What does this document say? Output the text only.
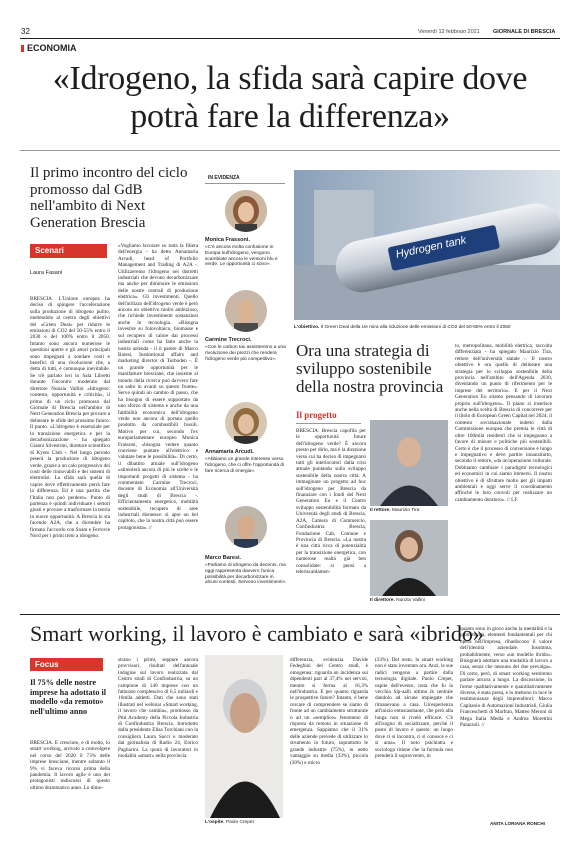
32	Venerdì 12 febbraio 2021 GIORNALE DI BRESCIA
ECONOMIA
«Idrogeno, la sfida sarà capire dove potrà fare la differenza»
Il primo incontro del ciclo promosso dal GdB nell'ambito di Next Generation Brescia
Scenari
Laura Fasani
BRESCIA. L'Unione europea ha deciso di spingere l'accelerazione sulla produzione di idrogeno pulito, mettendolo al centro degli obiettivi del «Green Deal» per ridurre le emissioni di CO2 del 50-55% entro il 2030 e del 100% entro il 2050. Intanto sono ancora numerose le questioni aperte e gli attori principali sono impegnati a sondare costi e benefici di una rivoluzione che, a detta di tutti, è comunque inevitabile. Se n'è parlato ieri in Sala Libretti durante l'incontro moderato dal direttore Nunzia Vallini «Idrogeno: contesto, opportunità e criticità», il primo di un ciclo promosso dal Giornale di Brescia nell'ambito di Next Generation Brescia per provare a delineare le sfide del prossimo futuro. Il punto. «L'idrogeno è essenziale per la transizione energetica e per la decarbonizzazione - ha spiegato Gianni Silvestrini, direttore scientifico di Kyoto Club -. Nel lungo periodo peserà la produzione di idrogeno verde, grazie a un calo progressivo dei costi delle rinnovabili e dei sistemi di elettrolisi. La sfida sarà quella di capire dove effettivamente potrà fare la differenza. Ed è una partita che l'Italia non può perdere». Punto di partenza è quindi individuare i settori giusti e provare a trasformare la teoria in nuove opportunità. A Brescia lo sta facendo A2A, che a dicembre ha firmato l'accordo con Snam e Ferrovie Nord per i primi treni a idrogeno.
«Vogliamo lavorare su tutta la filiera dell'energia - ha detto Annamaria Arcudi, head of Portfolio Management and Trading di A2A -. Utilizzeremo l'idrogeno nei distretti industriali che devono decarbonizzare ma anche per diminuire le emissioni delle nostre centrali di produzione elettrica». Gli investimenti. Quello dell'utilizzo dell'idrogeno verde è però ancora un obiettivo molto ambizioso, che richiede investimenti sostanziosi anche in tecnologia. «Bisogna investire su fotovoltaico, biomasse e sul recupero di calore dai processi industriali come ha fatto anche la nostra azienda - il il parere di Marco Baresi, Institutional affairs and marketing director di Turboden -. È un grande opportunità per le manifatture bresciane, che insieme al mondo della ricerca può davvero fare un salto in avanti su questo fronte». Serve quindi un cambio di passo, che ha bisogno di essere supportato da uno sforzo di sistema e anche da una fattibilità economica dell'idrogeno verde non ancora di portata quello prodotto da combustibili fossili. Motivo per cui, secondo l'ex europarlamentare europeo Monica Frassoni, «bisogna vedere quanto conviene puntare all'elettrico e valutare bene le possibilità». Di certo, il dibattito attuale sull'idrogeno «stimolerà ancora di più le scelte e le importanti progetti di sistema - ha commentato Carmine Trecroci, docente di Economia all'Università degli studi di Brescia -. Efficientamento energetico, mobilità sostenibile, recupero di aree industriali dismesse: si apre un bel capitolo, che la nostra città può essere protagonista». //
IN EVIDENZA
Monica Frassoni.
«C'è ancora molta confusione in Europa sull'idrogeno, vengono scambiate ancora le versioni blu e verde. Le opportunità ci sono».
Carmine Trecroci.
«Con le carbon tax assisteremo a una rivoluzione dei prezzi che renderà l'idrogeno verde più competitivo».
Annamaria Arcudi.
«Abbiamo un grande interesse verso l'idrogeno, che ci offre l'opportunità di fare ricerca di energia».
Marco Baresi.
«Parliamo di idrogeno da decenni, ma oggi rappresenta davvero l'unica possibilità per decarbonizzare in alcuni contesti. Servono investimenti».
Hydrogen tank
L'obiettivo. Il Green Deal della Ue mira alla riduzione delle emissioni di CO2 del 50-55% entro il 2050
Ora una strategia di sviluppo sostenibile della nostra provincia
Il progetto
BRESCIA. Brescia capofila per le opportunità future dell'idrogeno verde? È ancora presto per dirlo, ma è la direzione verso cui ha deciso di impegnarsi tutti gli interlocutori dalla crisi attuale puntando sullo sviluppo sostenibile della nostra città. A immaginare un progetto ad hoc sull'idrogeno per Brescia da finanziare con i fondi del Next Generation Eu e il Contro sviluppo sostenibilità formato da Università degli studi di Brescia, A2A, Camera di Commercio, Confindustria Brescia, Fondazione Cab, Comune e Provincia di Brescia. «La nostra è una città ricca di potenzialità per la transizione energetica, con numerose realtà già ben consolidate: si pensi a teleriscaldamen-
Il rettore. Maurizio Tira
Il direttore. Nunzia Vallini
to, metropolitana, mobilità elettrica, raccolta differenziata - ha spiegato Maurizio Tira, rettore dell'università statale -. Il nostro obiettivo è ora quello di delineare una strategia per lo sviluppo sostenibile della provincia nell'ambito dell'Agenda 2030, diventando un punto di riferimento per le imprese del territorio». E per il Next Generation Eu stiamo pensando di lavorare proprio sull'idrogeno». Il piano si inserisce anche nella scelta di Brescia di concorrere per il titolo di European Green Capital nel 2024, il contesto sovranazionale indetto dalla Commissione europea che premia le città di oltre 100mila residenti che si impegnano a favore di misure e politiche più sostenibili. Certo è che il processo di conversione è lungo e impegnativo e deve partire innanzitutto, secondo il rettore, «da un'operazione culturale. Dobbiamo cambiare i paradigmi tecnologici ed economici in cui siamo immersi. Il nostro obiettivo è di sfruttare molto per gli impatti ambientali e oggi serve il coordinamento affinché le loro convoli per realizzare un cambiamento duraturo». // LF.
Smart working, il lavoro è cambiato e sarà «ibrido»
Focus
Il 75% delle nostre imprese ha adottato il modello «da remoto» nell'ultimo anno
BRESCIA. È cresciuto, e di molto, lo smart working, arrivato a coinvolgere nel corso del 2020 il 73% delle imprese bresciane, mentre soltanto il 9% vi faceva ricorso prima della pandemia. Il lavoro agile è uno dei protagonisti indiscussi di questo ultimo drammatico anno. Lo dimo-
strano i primi, seppure ancora provvisori, risultati dell'annuale indagine sul lavoro realizzata dal Centro studi di Confindustria, su un campione di 140 imprese con un fatturato complessivo di 6,5 miliardi e 16mila addetti. Dati che sono stati illustrati nel webinar «Smart working, il lavoro che cambia», promosso da Pmi Academy della Piccola Industria di Confindustria Brescia. Introdotto dalla presidente Elisa Torchiani con la consigliera Laura Sacci e moderato dal giornalista di Radio 24, Enrico Pagliarini. La quota di lavoratori in modalità «smart» nella provincia
L'ospite. Paolo Crepet
differenzia, evidenzia Davide Fedeghini del Centro studi, è omogenea: riguarda un incidenza sui dipendenti pari al 37,4% nei servizi, mentre si ferma al 16,3% nell'industria. E per quanto riguarda le prospettive future? Intanto, è bene cercare di comprendere se siamo di fronte ad un cambiamento strutturale o ad un «semplice» fenomeno di risposta da remoto in situazione di emergenza. Sappiamo che il 31% delle aziende prevede di utilizzare lo strumento in futuro, soprattutto le grande industrie (75%), in netto vantaggio su media (33%), piccola (30%) e micro
(33%). Del resto, lo smart working non è stato inventato ora. Anzi, le sue radici vengono a partire dalla tecnologia digitale. Paolo Crepet, ospite dell'evento, nota che fu la vecchia Sip-aalli ultimo ik centrale dandolo ad alcune impiegate che rimanevano a casa. Un'esperienza all'inizio entusiasmante, che però alla lunga non si rivelò efficace. C'è all'isogno di socializzare, perché il posto di lavoro è questo: un luogo dove ci si incontra, ci si conosce e ci si ama». Il noto psichiatra e sociologo ritiene che la formula non prenderà il sopravvento, in
quanto sono in gioco anche la mentalità e la produttività, elementi fondamentali per chi opera nell'impresa, ribadiscono il valore dell'identità aziendale. Insomma, probabilmente, verso «un modello ibrido». Bisognerà adottare una modalità di lavoro a casa, senza che nessuno dei due prevalga». Di certo, però, di smart working sentiremo parlare ancora a lungo. La discussione, in forme qualitativamente e quantitativamente diverse, è stata presa, e lo mettono in luce le testimonianze degli imprenditori: Marco Capitanio di Automazioni Industriali, Giulia Franceschetti di Marfran, Matteo Meroni di Mega Italia Media e Andrea Morettini Palazzoli. //
ANITA LORIANA RONCHI
